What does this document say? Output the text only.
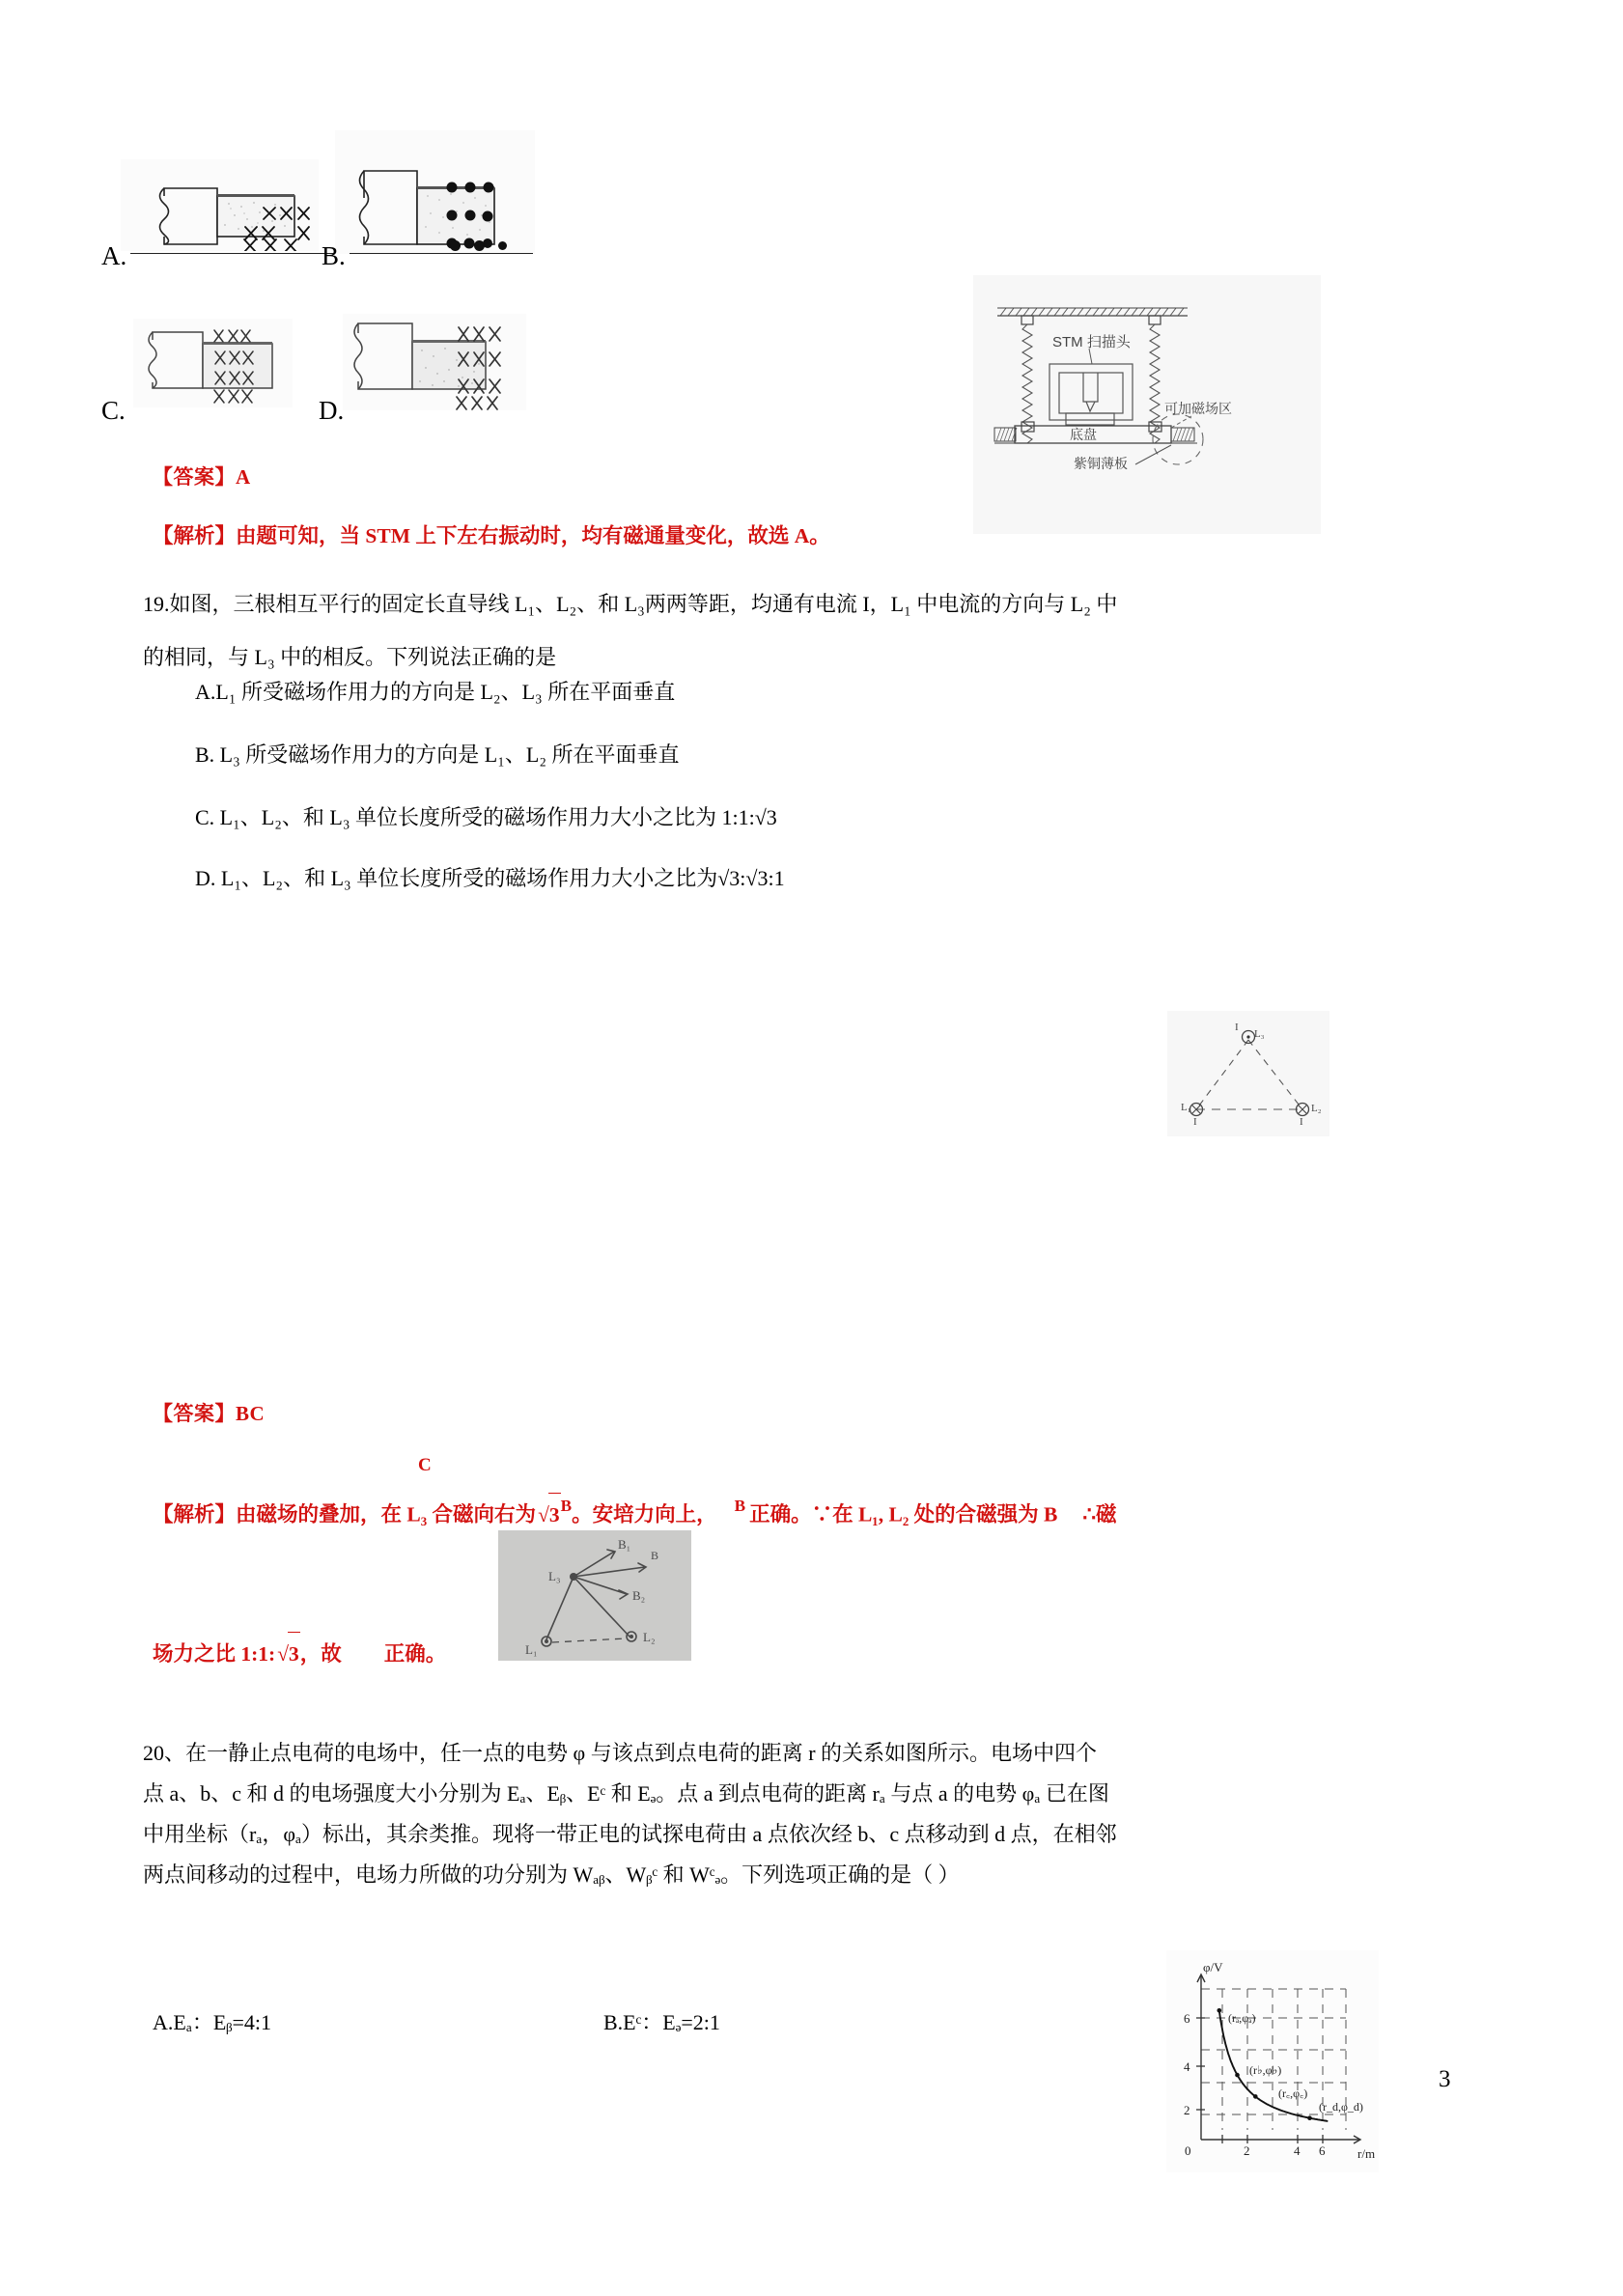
A.	B.
C.	D.
STM 扫描头
底盘
可加磁场区
紫铜薄板
【答案】A
【解析】由题可知，当 STM 上下左右振动时，均有磁通量变化，故选 A。
19.如图，三根相互平行的固定长直导线 L₁、L₂、和 L₃两两等距，均通有电流 I，L₁ 中电流的方向与 L₂ 中
的相同，与 L₃ 中的相反。下列说法正确的是
A.L₁ 所受磁场作用力的方向是 L₂、L₃ 所在平面垂直
B. L₃ 所受磁场作用力的方向是 L₁、L₂ 所在平面垂直
C. L₁、L₂、和 L₃ 单位长度所受的磁场作用力大小之比为 1:1:√3
D. L₁、L₂、和 L₃ 单位长度所受的磁场作用力大小之比为√3:√3:1
L₃
I
L₁
I
L₂
I
【答案】BC
【解析】由磁场的叠加，在 L₃ 合磁向右为 √ $3^B$。安培力向上， $^B$ 正确。∵在 L₁, L₂ 处的合磁强为 B ∴磁
C
L₃
L₁
L₂
B₁
B₂
B
场力之比 1:1: √ 3，故 正确。
20、在一静止点电荷的电场中，任一点的电势 φ 与该点到点电荷的距离 r 的关系如图所示。电场中四个
点 a、b、c 和 d 的电场强度大小分别为 Eₐ、Eᵦ、Eᶜ 和 Eₔ。点 a 到点电荷的距离 rₐ 与点 a 的电势 φₐ 已在图
中用坐标（rₐ，φₐ）标出，其余类推。现将一带正电的试探电荷由 a 点依次经 b、c 点移动到 d 点，在相邻
两点间移动的过程中，电场力所做的功分别为 Wₐᵦ、Wᵦᶜ 和 Wᶜₔ。下列选项正确的是（ ）
A.Eₐ：Eᵦ=4:1	B.Eᶜ：Eₔ=2:1	6
4
2
0	2	4 6
φ/V
r/m
(rₐ,φₐ)
(r♭,φ♭)
(r꜀,φ꜀)
(r_d,φ_d)
3
